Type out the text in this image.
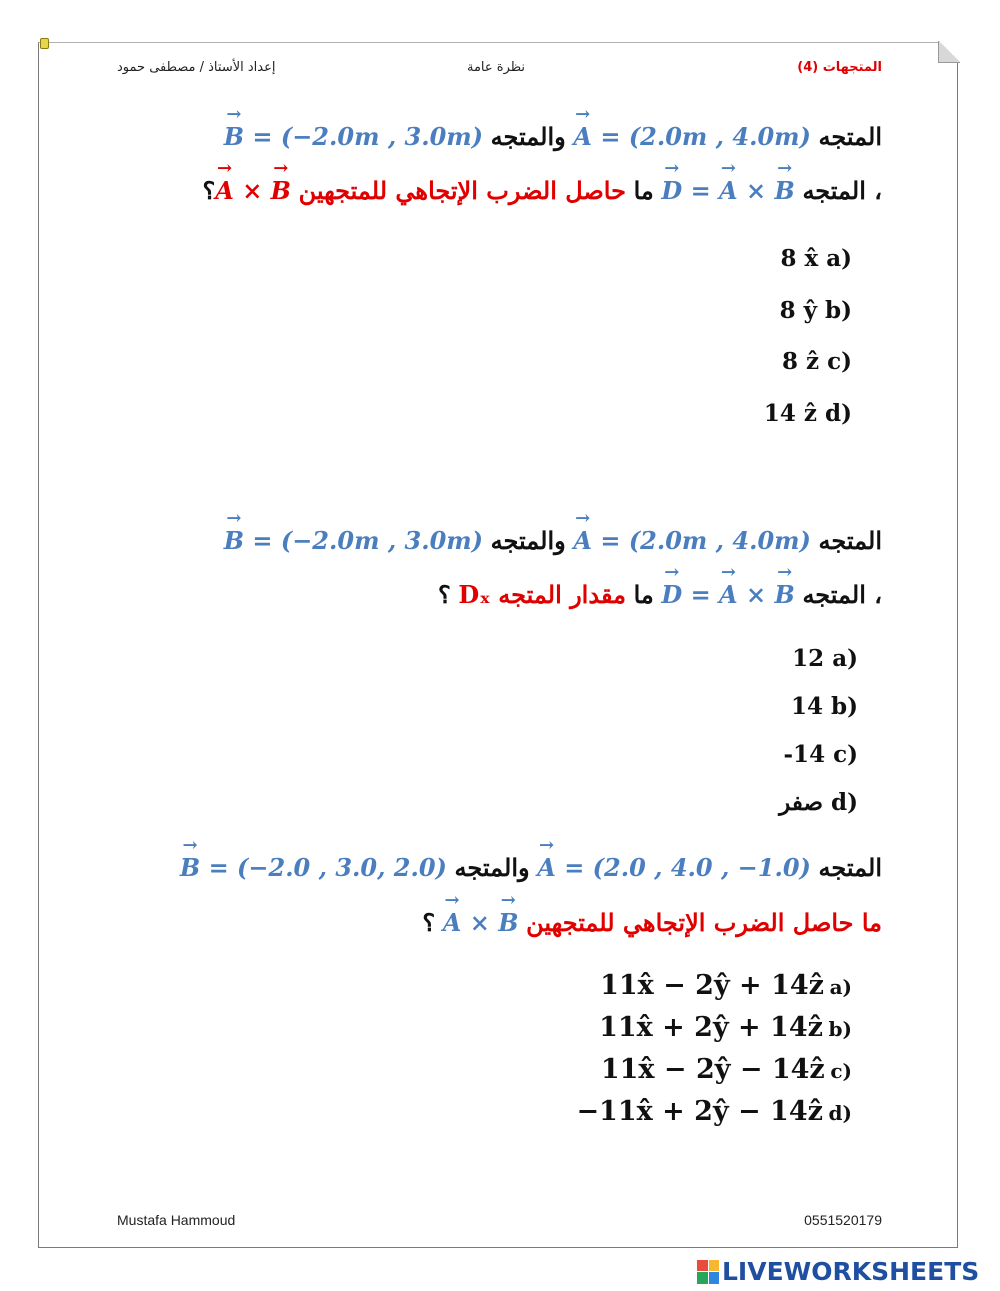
المتجهات (4)
نظرة عامة
إعداد الأستاذ / مصطفى حمود
المتجه → A = (2.0m , 4.0m) والمتجه → B = (−2.0m , 3.0m)
، المتجه → D = → A × → B ما حاصل الضرب الإتجاهي للمتجهين → A × → B؟
(a 8 x̂
(b 8 ŷ
(c 8 ẑ
(d 14 ẑ
المتجه → A = (2.0m , 4.0m) والمتجه → B = (−2.0m , 3.0m)
، المتجه → D = → A × → B ما مقدار المتجه Dₓ ؟
(a 12
(b 14
(c -14
(d صفر
المتجه → A = (2.0 , 4.0 , −1.0) والمتجه → B = (−2.0 , 3.0, 2.0)
ما حاصل الضرب الإتجاهي للمتجهين → A × → B ؟
(a 11x̂ − 2ŷ + 14ẑ
(b 11x̂ + 2ŷ + 14ẑ
(c 11x̂ − 2ŷ − 14ẑ
(d −11x̂ + 2ŷ − 14ẑ
Mustafa Hammoud	0551520179
LIVEWORKSHEETS
